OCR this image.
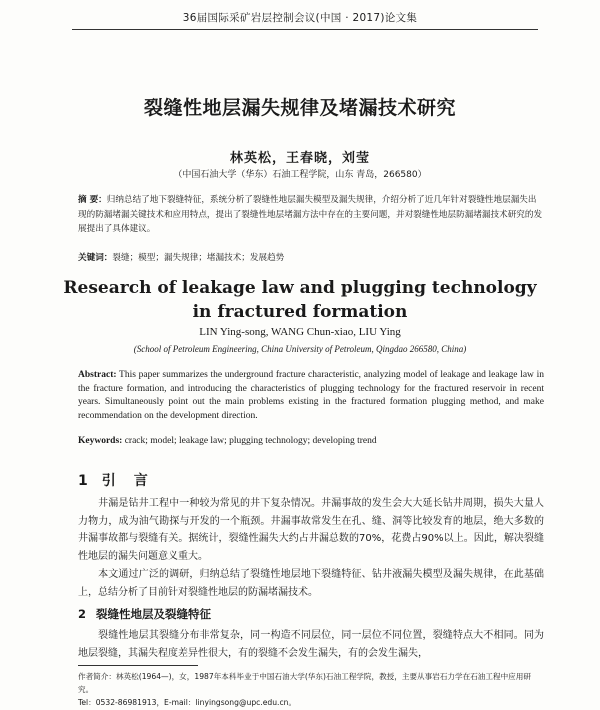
36届国际采矿岩层控制会议(中国 · 2017)论文集
裂缝性地层漏失规律及堵漏技术研究
林英松，王春晓，刘莹
（中国石油大学（华东）石油工程学院，山东 青岛，266580）
摘 要：归纳总结了地下裂缝特征，系统分析了裂缝性地层漏失模型及漏失规律，介绍分析了近几年针对裂缝性地层漏失出现的防漏堵漏关键技术和应用特点，提出了裂缝性地层堵漏方法中存在的主要问题，并对裂缝性地层防漏堵漏技术研究的发展提出了具体建议。
关键词：裂缝；模型；漏失规律；堵漏技术；发展趋势
Research of leakage law and plugging technology
in fractured formation
LIN Ying-song, WANG Chun-xiao, LIU Ying
(School of Petroleum Engineering, China University of Petroleum, Qingdao 266580, China)
Abstract: This paper summarizes the underground fracture characteristic, analyzing model of leakage and leakage law in the fracture formation, and introducing the characteristics of plugging technology for the fractured reservoir in recent years. Simultaneously point out the main problems existing in the fractured formation plugging method, and make recommendation on the development direction.
Keywords: crack; model; leakage law; plugging technology; developing trend
1 引言

井漏是钻井工程中一种较为常见的井下复杂情况。井漏事故的发生会大大延长钻井周期，损失大量人力物力，成为油气勘探与开发的一个瓶颈。井漏事故常发生在孔、缝、洞等比较发育的地层，绝大多数的井漏事故都与裂缝有关。据统计，裂缝性漏失大约占井漏总数的70%，花费占90%以上。因此，解决裂缝性地层的漏失问题意义重大。

本文通过广泛的调研，归纳总结了裂缝性地层地下裂缝特征、钻井液漏失模型及漏失规律，在此基础上，总结分析了目前针对裂缝性地层的防漏堵漏技术。

2 裂缝性地层及裂缝特征

裂缝性地层其裂缝分布非常复杂，同一构造不同层位，同一层位不同位置，裂缝特点大不相同。同为地层裂缝，其漏失程度差异性很大，有的裂缝不会发生漏失，有的会发生漏失，

作者简介：林英松(1964—)，女，1987年本科毕业于中国石油大学(华东)石油工程学院，教授，主要从事岩石力学在石油工程中应用研究。
Tel：0532-86981913，E-mail：linyingsong@upc.edu.cn。
